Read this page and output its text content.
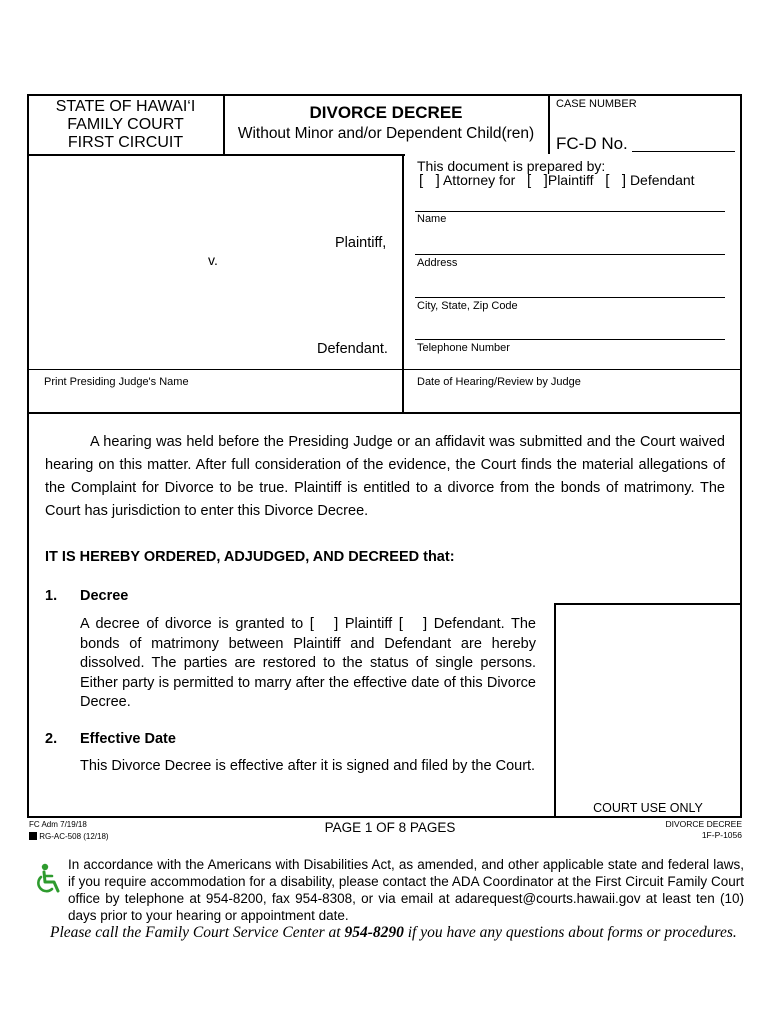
STATE OF HAWAI‘I
FAMILY COURT
FIRST CIRCUIT
DIVORCE DECREE
Without Minor and/or Dependent Child(ren)
CASE NUMBER
FC-D No.
Plaintiff,
v.
Defendant.
This document is prepared by:
[   ] Attorney for [   ]Plaintiff [   ] Defendant
Name
Address
City, State, Zip Code
Telephone Number
Print Presiding Judge's Name	Date of Hearing/Review by Judge
A hearing was held before the Presiding Judge or an affidavit was submitted and the Court waived hearing on this matter. After full consideration of the evidence, the Court finds the material allegations of the Complaint for Divorce to be true. Plaintiff is entitled to a divorce from the bonds of matrimony. The Court has jurisdiction to enter this Divorce Decree.
IT IS HEREBY ORDERED, ADJUDGED, AND DECREED that:
1. Decree
A decree of divorce is granted to [   ] Plaintiff [   ] Defendant. The bonds of matrimony between Plaintiff and Defendant are hereby dissolved. The parties are restored to the status of single persons. Either party is permitted to marry after the effective date of this Divorce Decree.
2. Effective Date
This Divorce Decree is effective after it is signed and filed by the Court.
COURT USE ONLY
FC Adm 7/19/18
RG-AC-508 (12/18)
PAGE 1 OF 8 PAGES	DIVORCE DECREE
1F-P-1056
In accordance with the Americans with Disabilities Act, as amended, and other applicable state and federal laws, if you require accommodation for a disability, please contact the ADA Coordinator at the First Circuit Family Court office by telephone at 954-8200, fax 954-8308, or via email at adarequest@courts.hawaii.gov at least ten (10) days prior to your hearing or appointment date.
Please call the Family Court Service Center at 954-8290 if you have any questions about forms or procedures.
